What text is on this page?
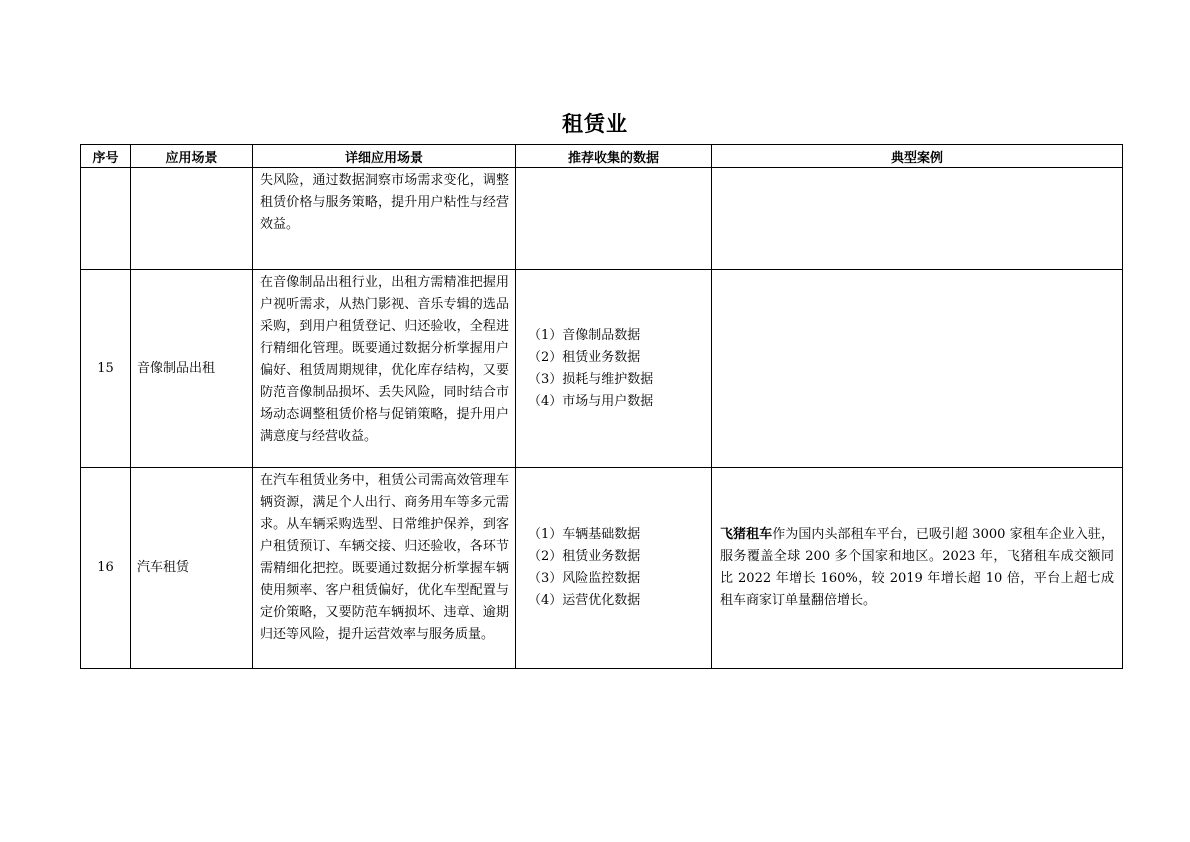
租赁业
序号	应用场景	详细应用场景	推荐收集的数据	典型案例
		失风险，通过数据洞察市场需求变化，调整租赁价格与服务策略，提升用户粘性与经营效益。		
15	音像制品出租	在音像制品出租行业，出租方需精准把握用户视听需求，从热门影视、音乐专辑的选品采购，到用户租赁登记、归还验收，全程进行精细化管理。既要通过数据分析掌握用户偏好、租赁周期规律，优化库存结构，又要防范音像制品损坏、丢失风险，同时结合市场动态调整租赁价格与促销策略，提升用户满意度与经营收益。	（1）音像制品数据
（2）租赁业务数据
（3）损耗与维护数据
（4）市场与用户数据	

16	汽车租赁	在汽车租赁业务中，租赁公司需高效管理车辆资源，满足个人出行、商务用车等多元需求。从车辆采购选型、日常维护保养，到客户租赁预订、车辆交接、归还验收，各环节需精细化把控。既要通过数据分析掌握车辆使用频率、客户租赁偏好，优化车型配置与定价策略，又要防范车辆损坏、违章、逾期归还等风险，提升运营效率与服务质量。	（1）车辆基础数据
（2）租赁业务数据
（3）风险监控数据
（4）运营优化数据	飞猪租车作为国内头部租车平台，已吸引超 3000 家租车企业入驻，服务覆盖全球 200 多个国家和地区。2023 年，飞猪租车成交额同比 2022 年增长 160%，较 2019 年增长超 10 倍，平台上超七成租车商家订单量翻倍增长。
